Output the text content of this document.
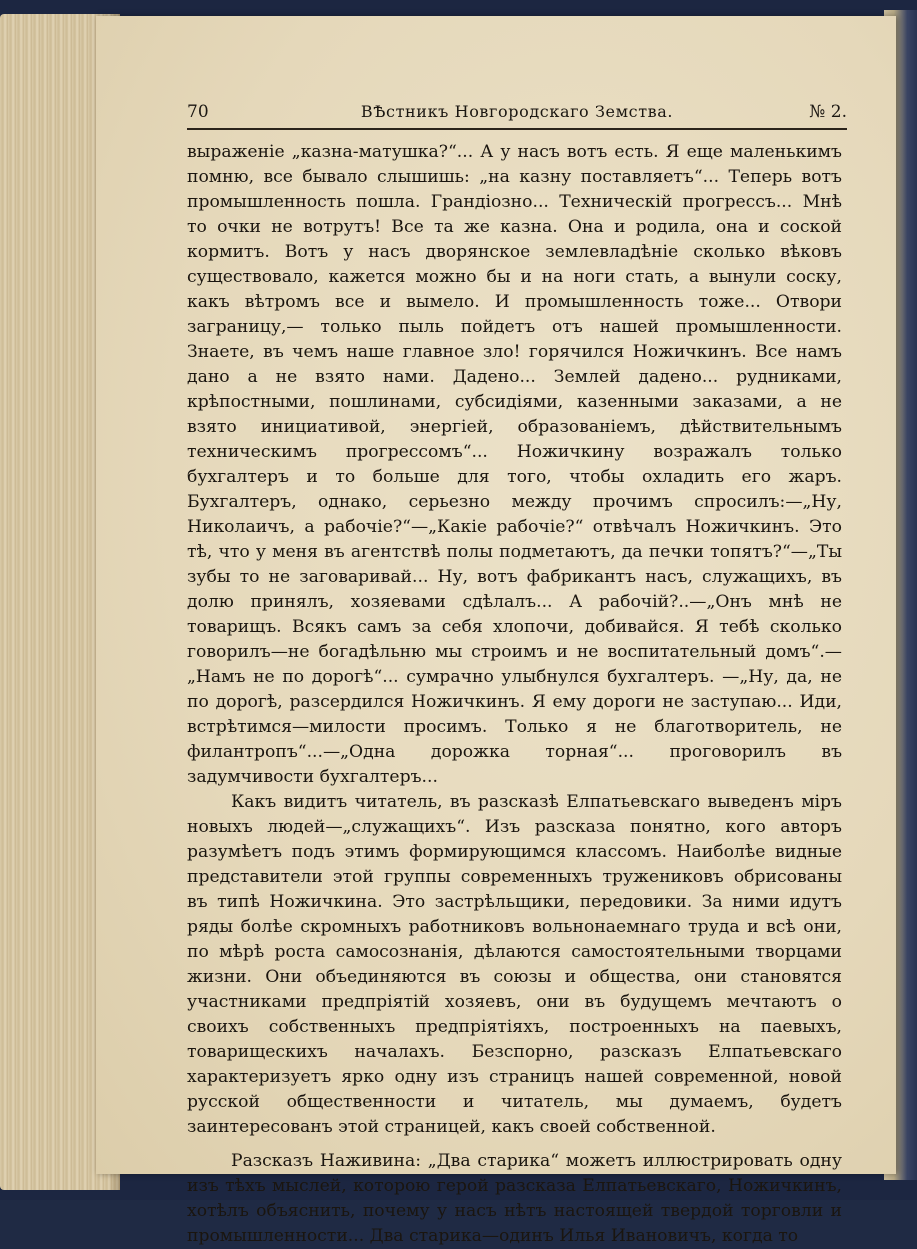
70	ВѢстникъ Новгородскаго Земства.	№ 2.

выраженіе „казна-матушка?“... А у насъ вотъ есть. Я еще маленькимъ помню, все бывало слышишь: „на казну поставляетъ“... Теперь вотъ промышленность пошла. Грандіозно... Техническій прогрессъ... Мнѣ то очки не вотрутъ! Все та же казна. Она и родила, она и соской кормитъ. Вотъ у насъ дворянское землевладѣніе сколько вѣковъ существовало, кажется можно бы и на ноги стать, а вынули соску, какъ вѣтромъ все и вымело. И промышленность тоже... Отвори заграницу,— только пыль пойдетъ отъ нашей промышленности. Знаете, въ чемъ наше главное зло! горячился Ножичкинъ. Все намъ дано а не взято нами. Дадено... Землей дадено... рудниками, крѣпостными, пошлинами, субсидіями, казенными заказами, а не взято инициативой, энергіей, образованіемъ, дѣйствительнымъ техническимъ прогрессомъ“... Ножичкину возражалъ только бухгалтеръ и то больше для того, чтобы охладить его жаръ. Бухгалтеръ, однако, серьезно между прочимъ спросилъ:—„Ну, Николаичъ, а рабочіе?“—„Какіе рабочіе?“ отвѣчалъ Ножичкинъ. Это тѣ, что у меня въ агентствѣ полы подметаютъ, да печки топятъ?“—„Ты зубы то не заговаривай... Ну, вотъ фабрикантъ насъ, служащихъ, въ долю принялъ, хозяевами сдѣлалъ... А рабочій?..—„Онъ мнѣ не товарищъ. Всякъ самъ за себя хлопочи, добивайся. Я тебѣ сколько говорилъ—не богадѣльню мы строимъ и не воспитательный домъ“.—„Намъ не по дорогѣ“... сумрачно улыбнулся бухгалтеръ. —„Ну, да, не по дорогѣ, разсердился Ножичкинъ. Я ему дороги не заступаю... Иди, встрѣтимся—милости просимъ. Только я не благотворитель, не филантропъ“...—„Одна дорожка торная“... проговорилъ въ задумчивости бухгалтеръ...

Какъ видитъ читатель, въ разсказѣ Елпатьевскаго выведенъ міръ новыхъ людей—„служащихъ“. Изъ разсказа понятно, кого авторъ разумѣетъ подъ этимъ формирующимся классомъ. Наиболѣе видные представители этой группы современныхъ тружениковъ обрисованы въ типѣ Ножичкина. Это застрѣльщики, передовики. За ними идутъ ряды болѣе скромныхъ работниковъ вольнонаемнаго труда и всѣ они, по мѣрѣ роста самосознанія, дѣлаются самостоятельными творцами жизни. Они объединяются въ союзы и общества, они становятся участниками предпріятій хозяевъ, они въ будущемъ мечтаютъ о своихъ собственныхъ предпріятіяхъ, построенныхъ на паевыхъ, товарищескихъ началахъ. Безспорно, разсказъ Елпатьевскаго характеризуетъ ярко одну изъ страницъ нашей современной, новой русской общественности и читатель, мы думаемъ, будетъ заинтересованъ этой страницей, какъ своей собственной.

Разсказъ Наживина: „Два старика“ можетъ иллюстрировать одну изъ тѣхъ мыслей, которою герой разсказа Елпатьевскаго, Ножичкинъ, хотѣлъ объяснить, почему у насъ нѣтъ настоящей твердой торговли и промышленности... Два старика—одинъ Илья Ивановичъ, когда то
